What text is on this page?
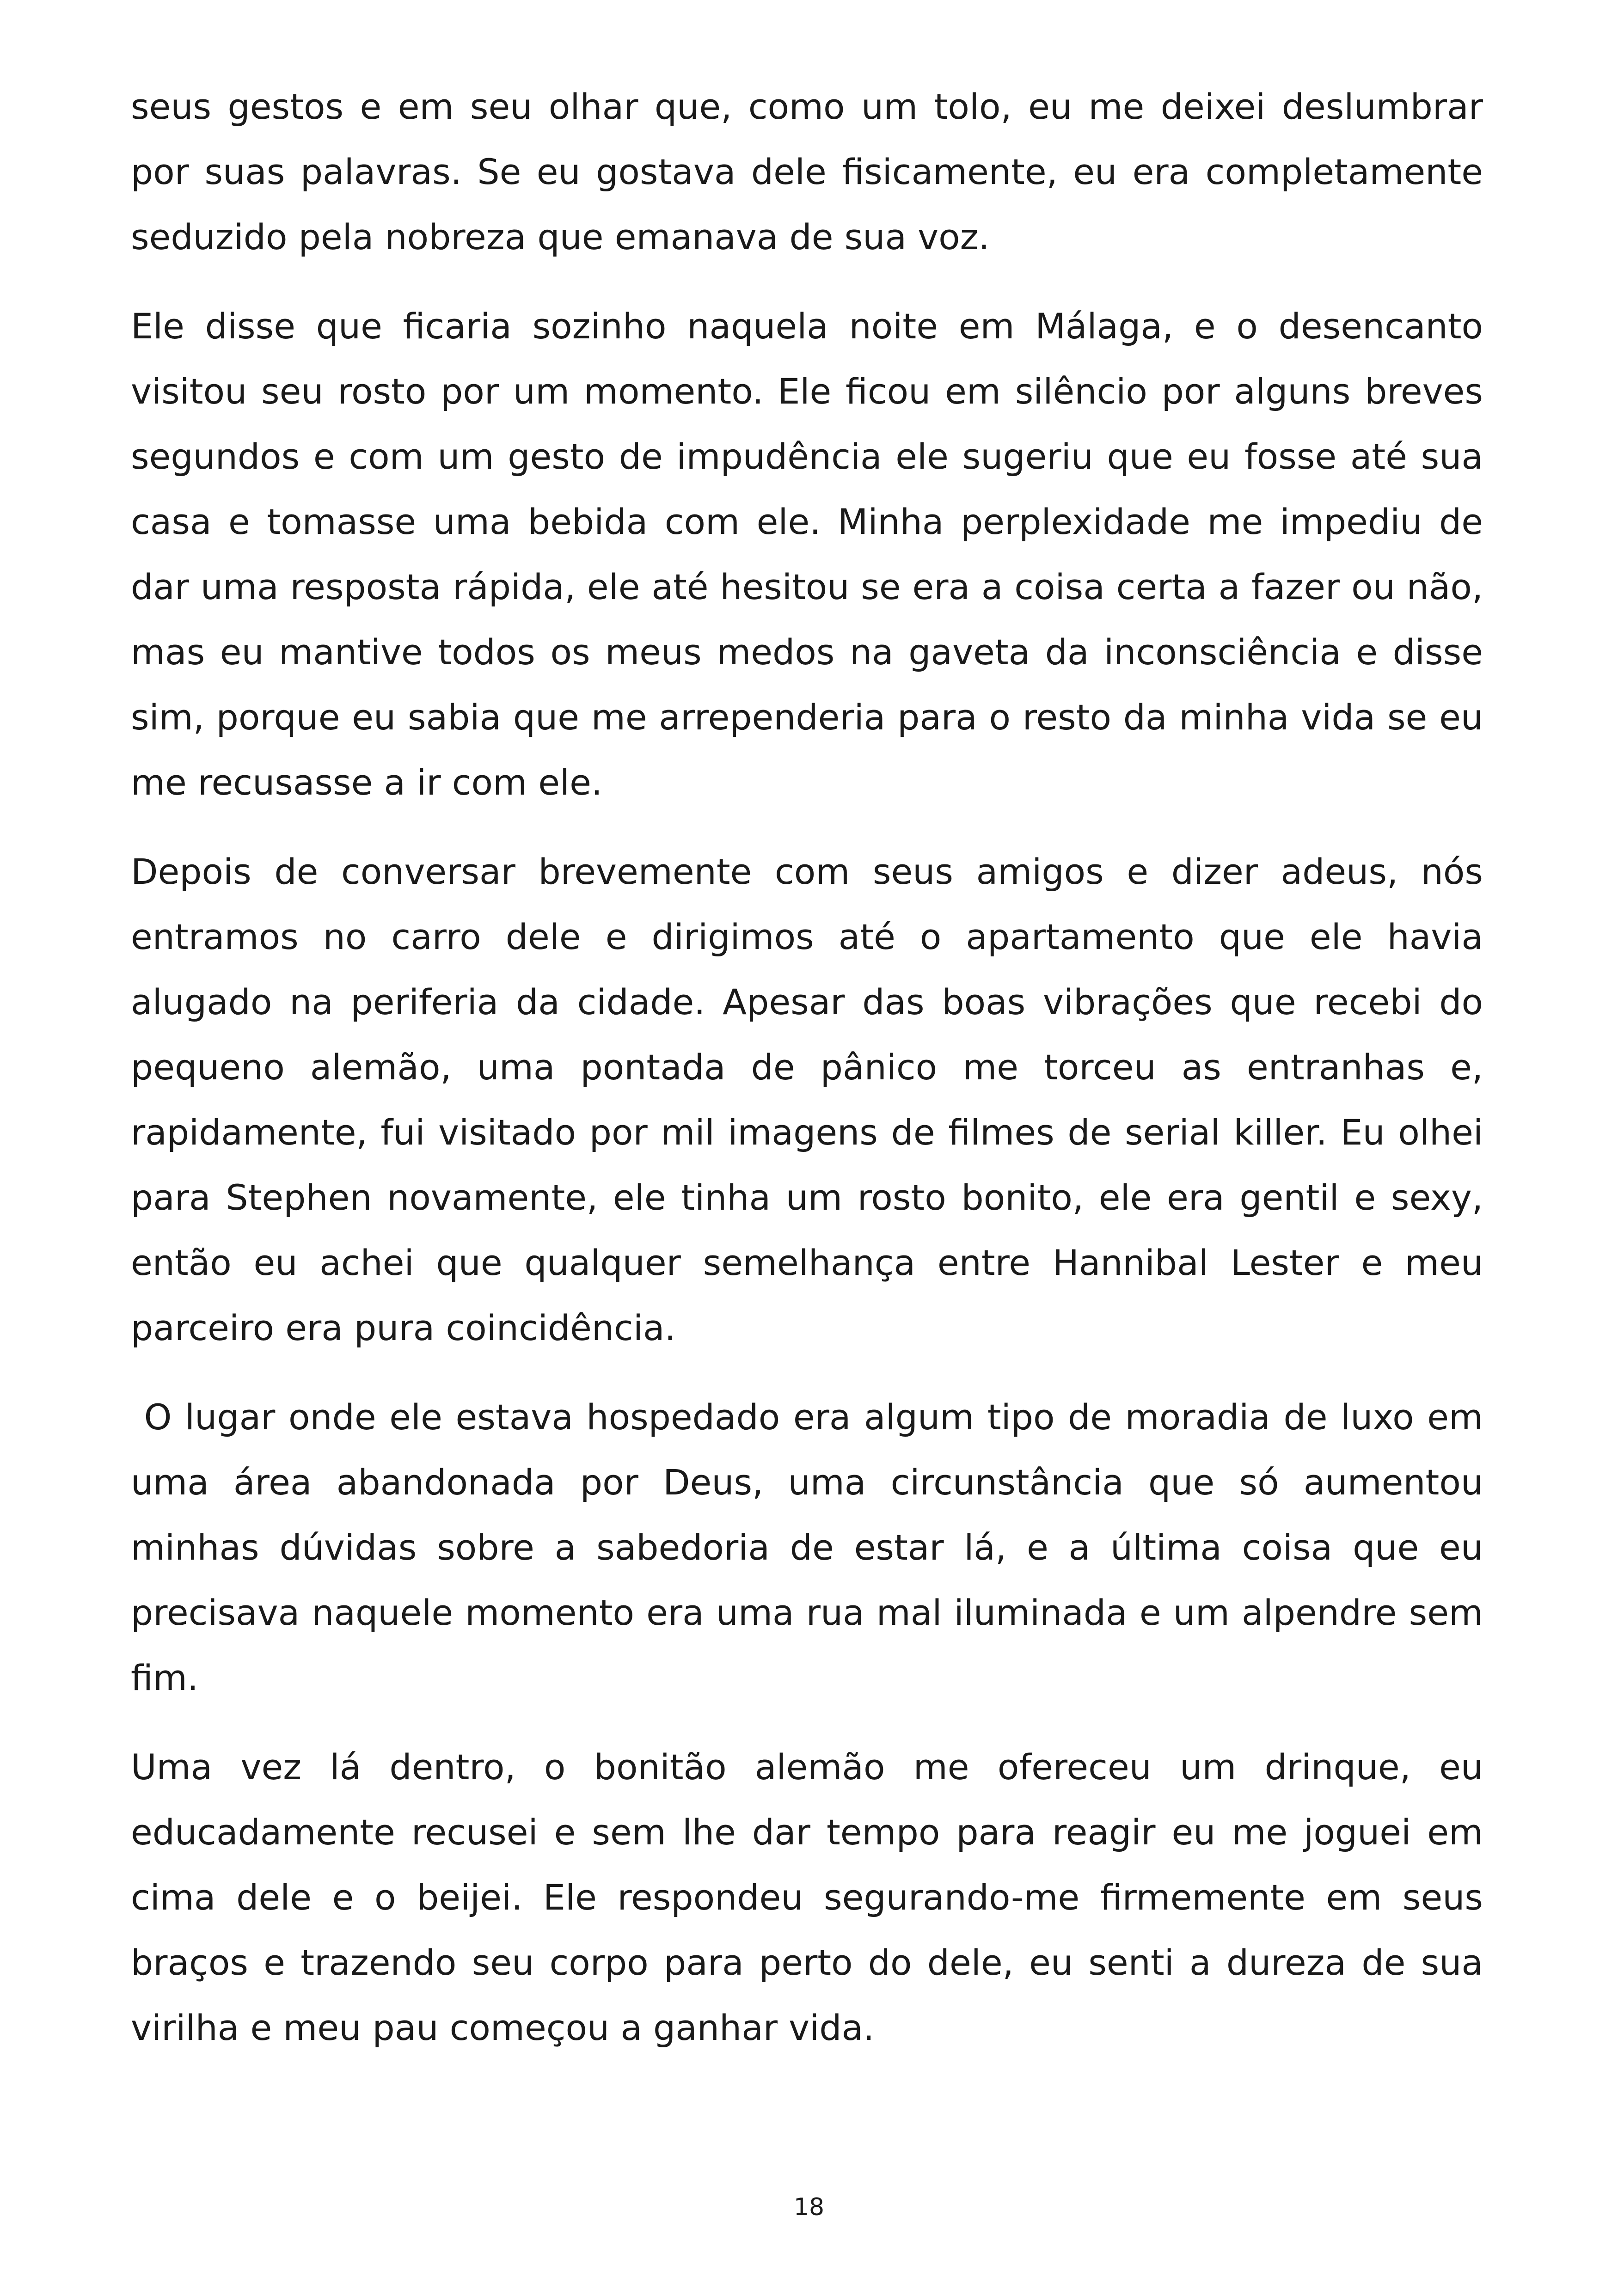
seus gestos e em seu olhar que, como um tolo, eu me deixei deslumbrar por suas palavras. Se eu gostava dele fisicamente, eu era completamente seduzido pela nobreza que emanava de sua voz.

Ele disse que ficaria sozinho naquela noite em Málaga, e o desencanto visitou seu rosto por um momento. Ele ficou em silêncio por alguns breves segundos e com um gesto de impudência ele sugeriu que eu fosse até sua casa e tomasse uma bebida com ele. Minha perplexidade me impediu de dar uma resposta rápida, ele até hesitou se era a coisa certa a fazer ou não, mas eu mantive todos os meus medos na gaveta da inconsciência e disse sim, porque eu sabia que me arrependeria para o resto da minha vida se eu me recusasse a ir com ele.

Depois de conversar brevemente com seus amigos e dizer adeus, nós entramos no carro dele e dirigimos até o apartamento que ele havia alugado na periferia da cidade. Apesar das boas vibrações que recebi do pequeno alemão, uma pontada de pânico me torceu as entranhas e, rapidamente, fui visitado por mil imagens de filmes de serial killer. Eu olhei para Stephen novamente, ele tinha um rosto bonito, ele era gentil e sexy, então eu achei que qualquer semelhança entre Hannibal Lester e meu parceiro era pura coincidência.

O lugar onde ele estava hospedado era algum tipo de moradia de luxo em uma área abandonada por Deus, uma circunstância que só aumentou minhas dúvidas sobre a sabedoria de estar lá, e a última coisa que eu precisava naquele momento era uma rua mal iluminada e um alpendre sem fim.

Uma vez lá dentro, o bonitão alemão me ofereceu um drinque, eu educadamente recusei e sem lhe dar tempo para reagir eu me joguei em cima dele e o beijei. Ele respondeu segurando-me firmemente em seus braços e trazendo seu corpo para perto do dele, eu senti a dureza de sua virilha e meu pau começou a ganhar vida.

18
